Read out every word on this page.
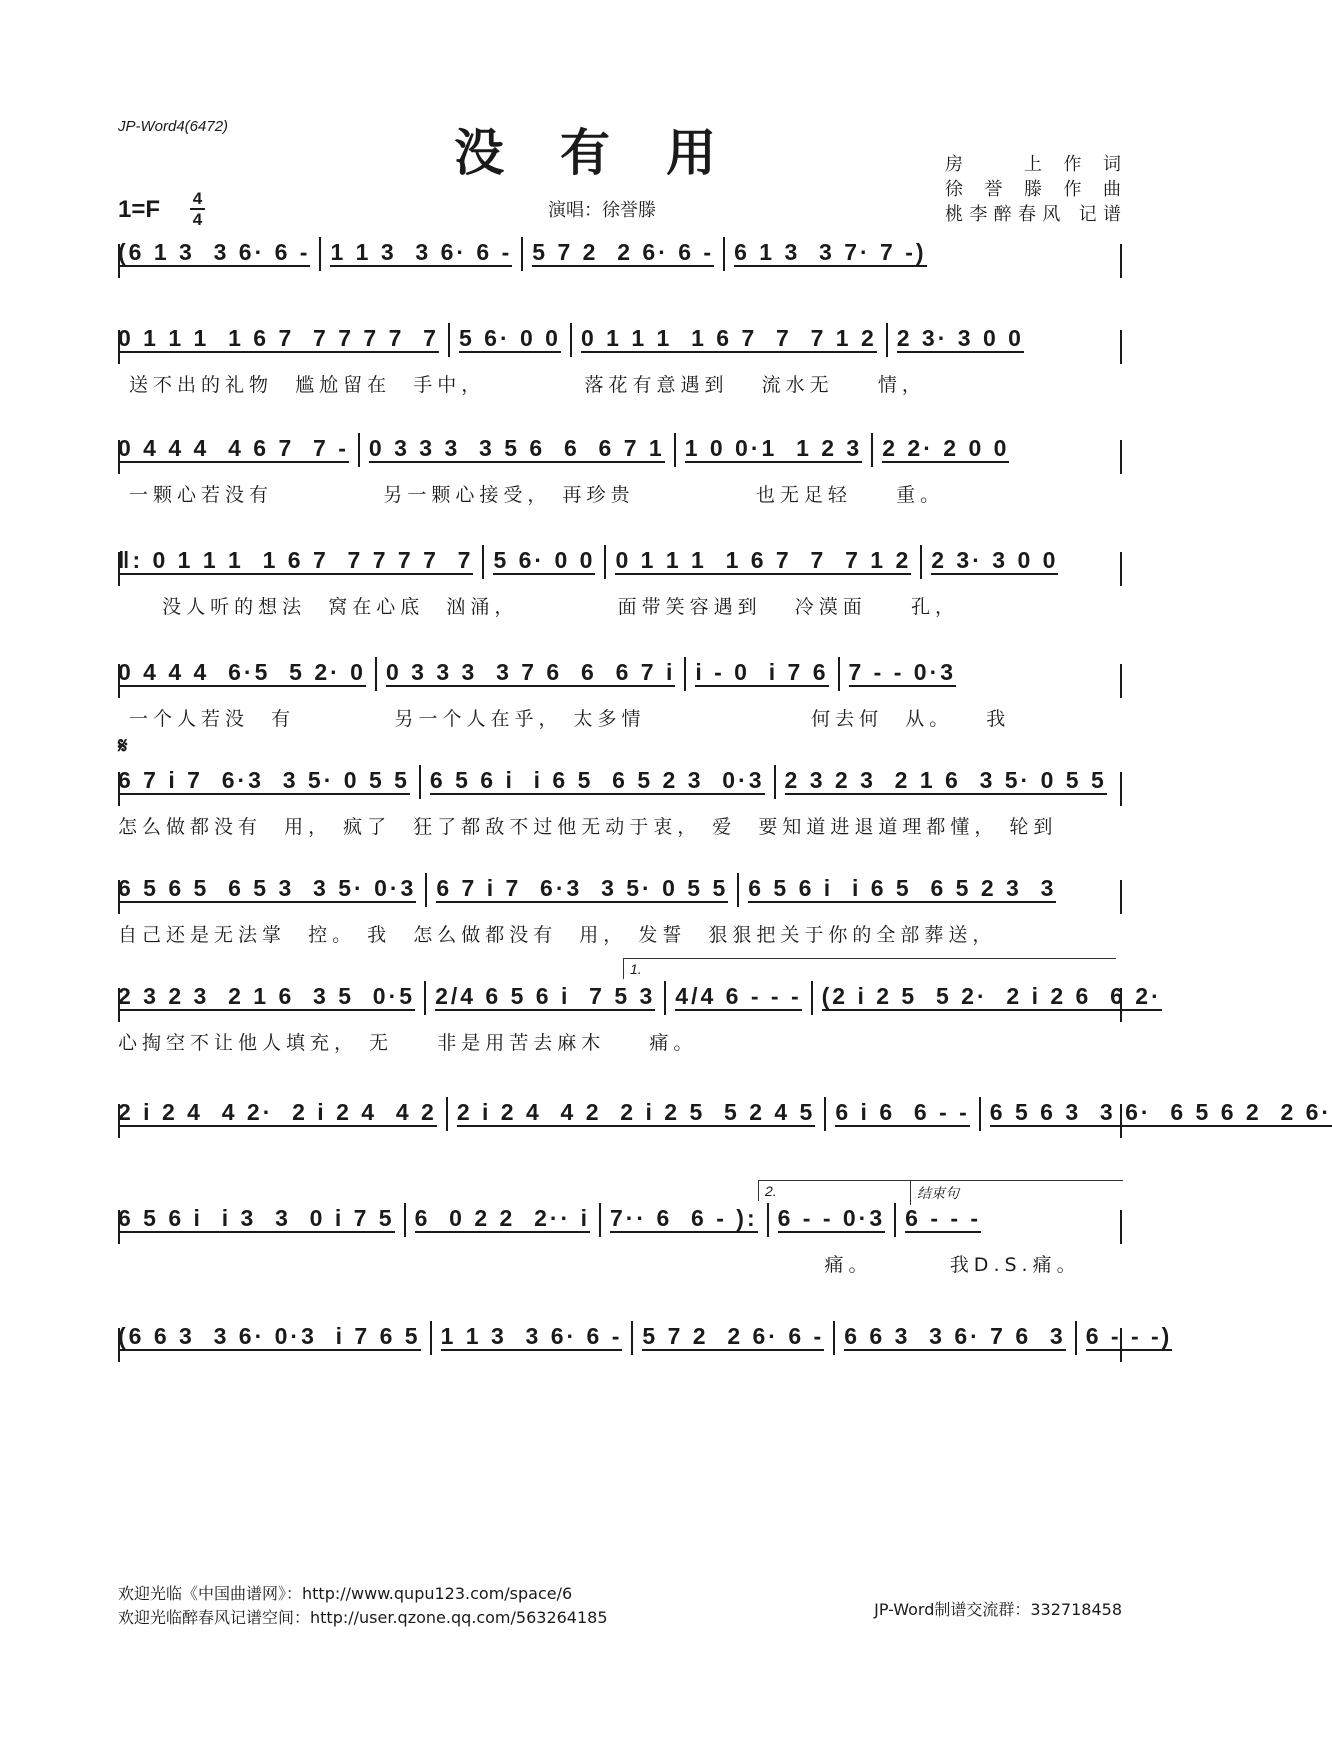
JP-Word4(6472)	没有用
1=F 4
4	演唱：徐誉滕
房　上作词
徐誉滕作曲
桃李醉春风 记谱
(6 1 3  3 6· 6 - 1 1 3  3 6· 6 - 5 7 2  2 6· 6 - 6 1 3  3 7· 7 -)
0 1 1 1  1 6 7  7 7 7 7  7 5 6· 0 0 0 1 1 1  1 6 7  7  7 1 2 2 3· 3 0 0
送不出的礼物  尴尬留在  手中，         落花有意遇到   流水无    情，
0 4 4 4  4 6 7  7 - 0 3 3 3  3 5 6  6  6 7 1 1 0 0·1  1 2 3 2 2· 2 0 0
一颗心若没有          另一颗心接受， 再珍贵           也无足轻    重。
‖: 0 1 1 1  1 6 7  7 7 7 7  7 5 6· 0 0 0 1 1 1  1 6 7  7  7 1 2 2 3· 3 0 0
没人听的想法  窝在心底  汹涌，         面带笑容遇到   冷漠面    孔，
0 4 4 4  6·5  5 2· 0 0 3 3 3  3 7 6  6  6 7 i i - 0  i 7 6 7 - - 0·3
一个人若没  有         另一个人在乎， 太多情               何去何  从。   我
𝄋
6 7 i 7  6·3  3 5· 0 5 5 6 5 6 i  i 6 5  6 5 2 3  0·3 2 3 2 3  2 1 6  3 5· 0 5 5
怎么做都没有  用， 疯了  狂了都敌不过他无动于衷， 爱  要知道进退道理都懂， 轮到
6 5 6 5  6 5 3  3 5· 0·3 6 7 i 7  6·3  3 5· 0 5 5 6 5 6 i  i 6 5  6 5 2 3  3
自己还是无法掌  控。 我  怎么做都没有  用， 发誓  狠狠把关于你的全部葬送，
1.
2 3 2 3  2 1 6  3 5  0·5 2/4 6 5 6 i  7 5 3 4/4 6 - - - (2 i 2 5  5 2·  2 i 2 6  6 2·
心掏空不让他人填充， 无    非是用苦去麻木    痛。
2 i 2 4  4 2·  2 i 2 4  4 2 2 i 2 4  4 2  2 i 2 5  5 2 4 5 6 i 6  6 - - 6 5 6 3  3 6·  6 5 6 2  2 6·
2.	结束句
6 5 6 i  i 3  3  0 i 7 5 6  0 2 2  2·· i 7·· 6  6 - ): 6 - - 0·3 6 - - -
痛。       我D.S.痛。
(6 6 3  3 6· 0·3  i 7 6 5 1 1 3  3 6· 6 - 5 7 2  2 6· 6 - 6 6 3  3 6· 7 6  3 6 - - -)
欢迎光临《中国曲谱网》：http://www.qupu123.com/space/6
欢迎光临醉春风记谱空间：http://user.qzone.qq.com/563264185	JP-Word制谱交流群：332718458
